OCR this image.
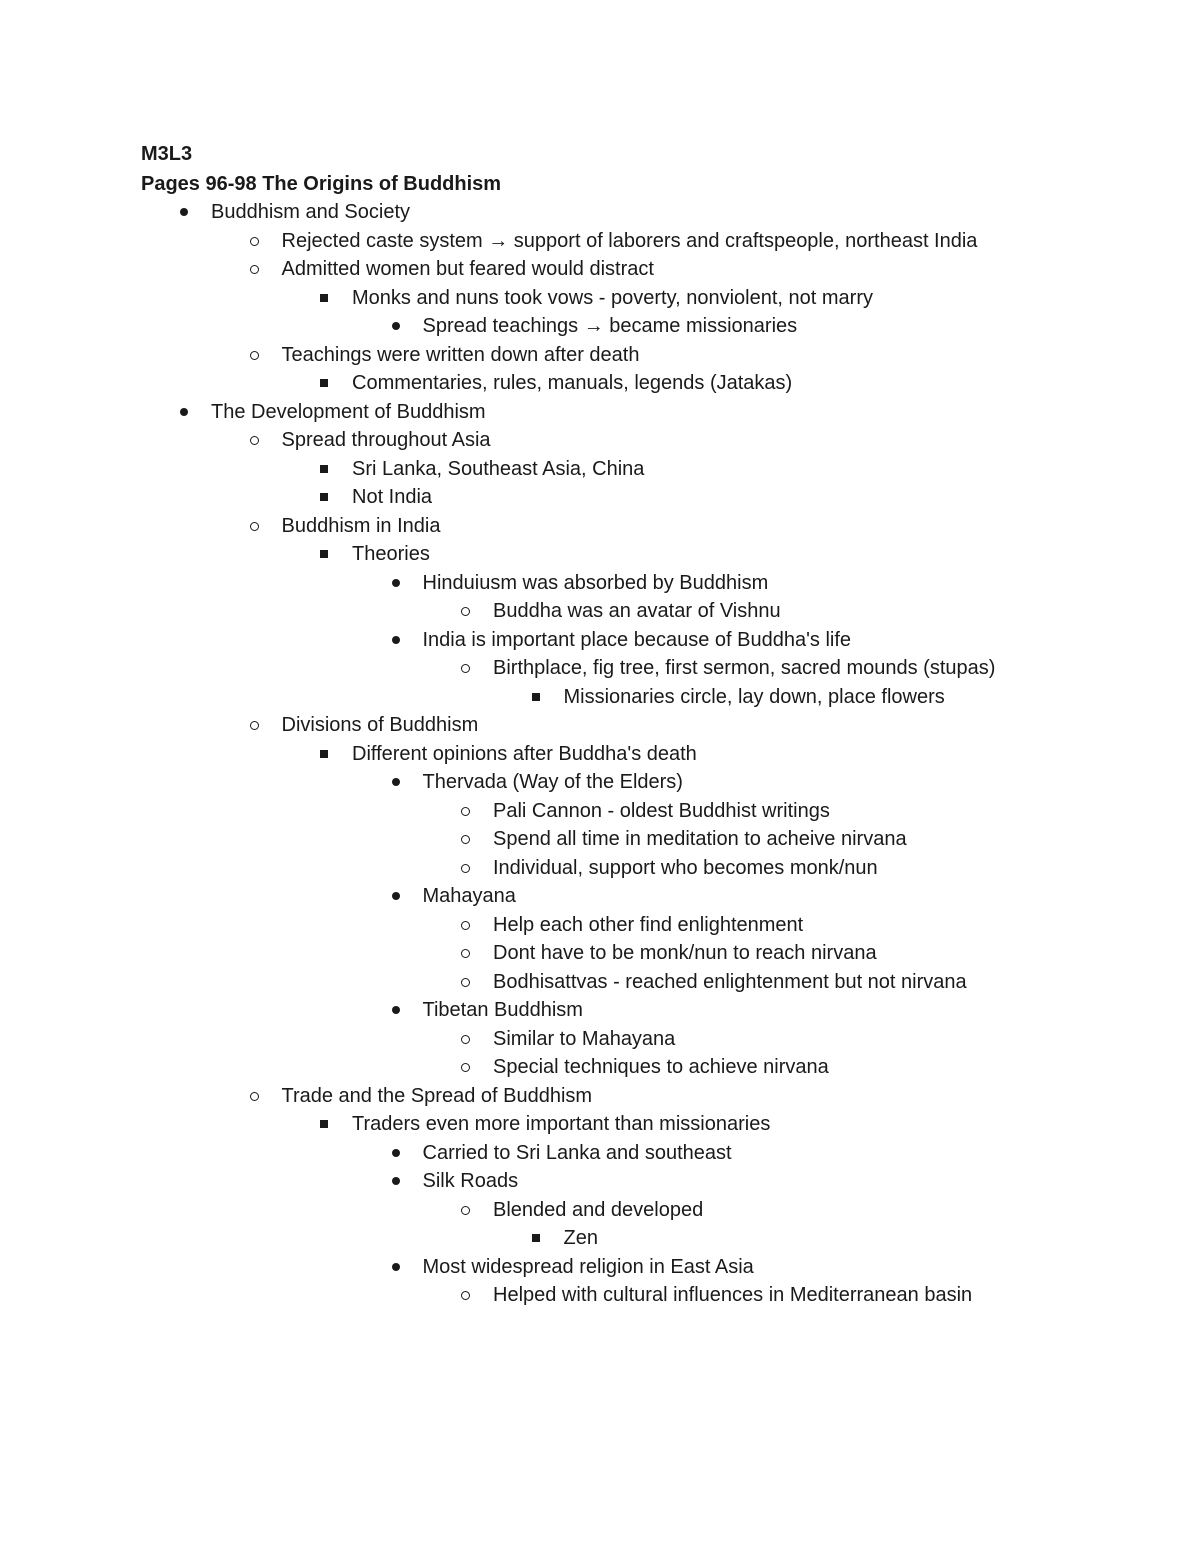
M3L3
Pages 96-98 The Origins of Buddhism
Buddhism and Society
Rejected caste system → support of laborers and craftspeople, northeast India
Admitted women but feared would distract
Monks and nuns took vows - poverty, nonviolent, not marry
Spread teachings → became missionaries
Teachings were written down after death
Commentaries, rules, manuals, legends (Jatakas)
The Development of Buddhism
Spread throughout Asia
Sri Lanka, Southeast Asia, China
Not India
Buddhism in India
Theories
Hinduiusm was absorbed by Buddhism
Buddha was an avatar of Vishnu
India is important place because of Buddha's life
Birthplace, fig tree, first sermon, sacred mounds (stupas)
Missionaries circle, lay down, place flowers
Divisions of Buddhism
Different opinions after Buddha's death
Thervada (Way of the Elders)
Pali Cannon - oldest Buddhist writings
Spend all time in meditation to acheive nirvana
Individual, support who becomes monk/nun
Mahayana
Help each other find enlightenment
Dont have to be monk/nun to reach nirvana
Bodhisattvas - reached enlightenment but not nirvana
Tibetan Buddhism
Similar to Mahayana
Special techniques to achieve nirvana
Trade and the Spread of Buddhism
Traders even more important than missionaries
Carried to Sri Lanka and southeast
Silk Roads
Blended and developed
Zen
Most widespread religion in East Asia
Helped with cultural influences in Mediterranean basin
